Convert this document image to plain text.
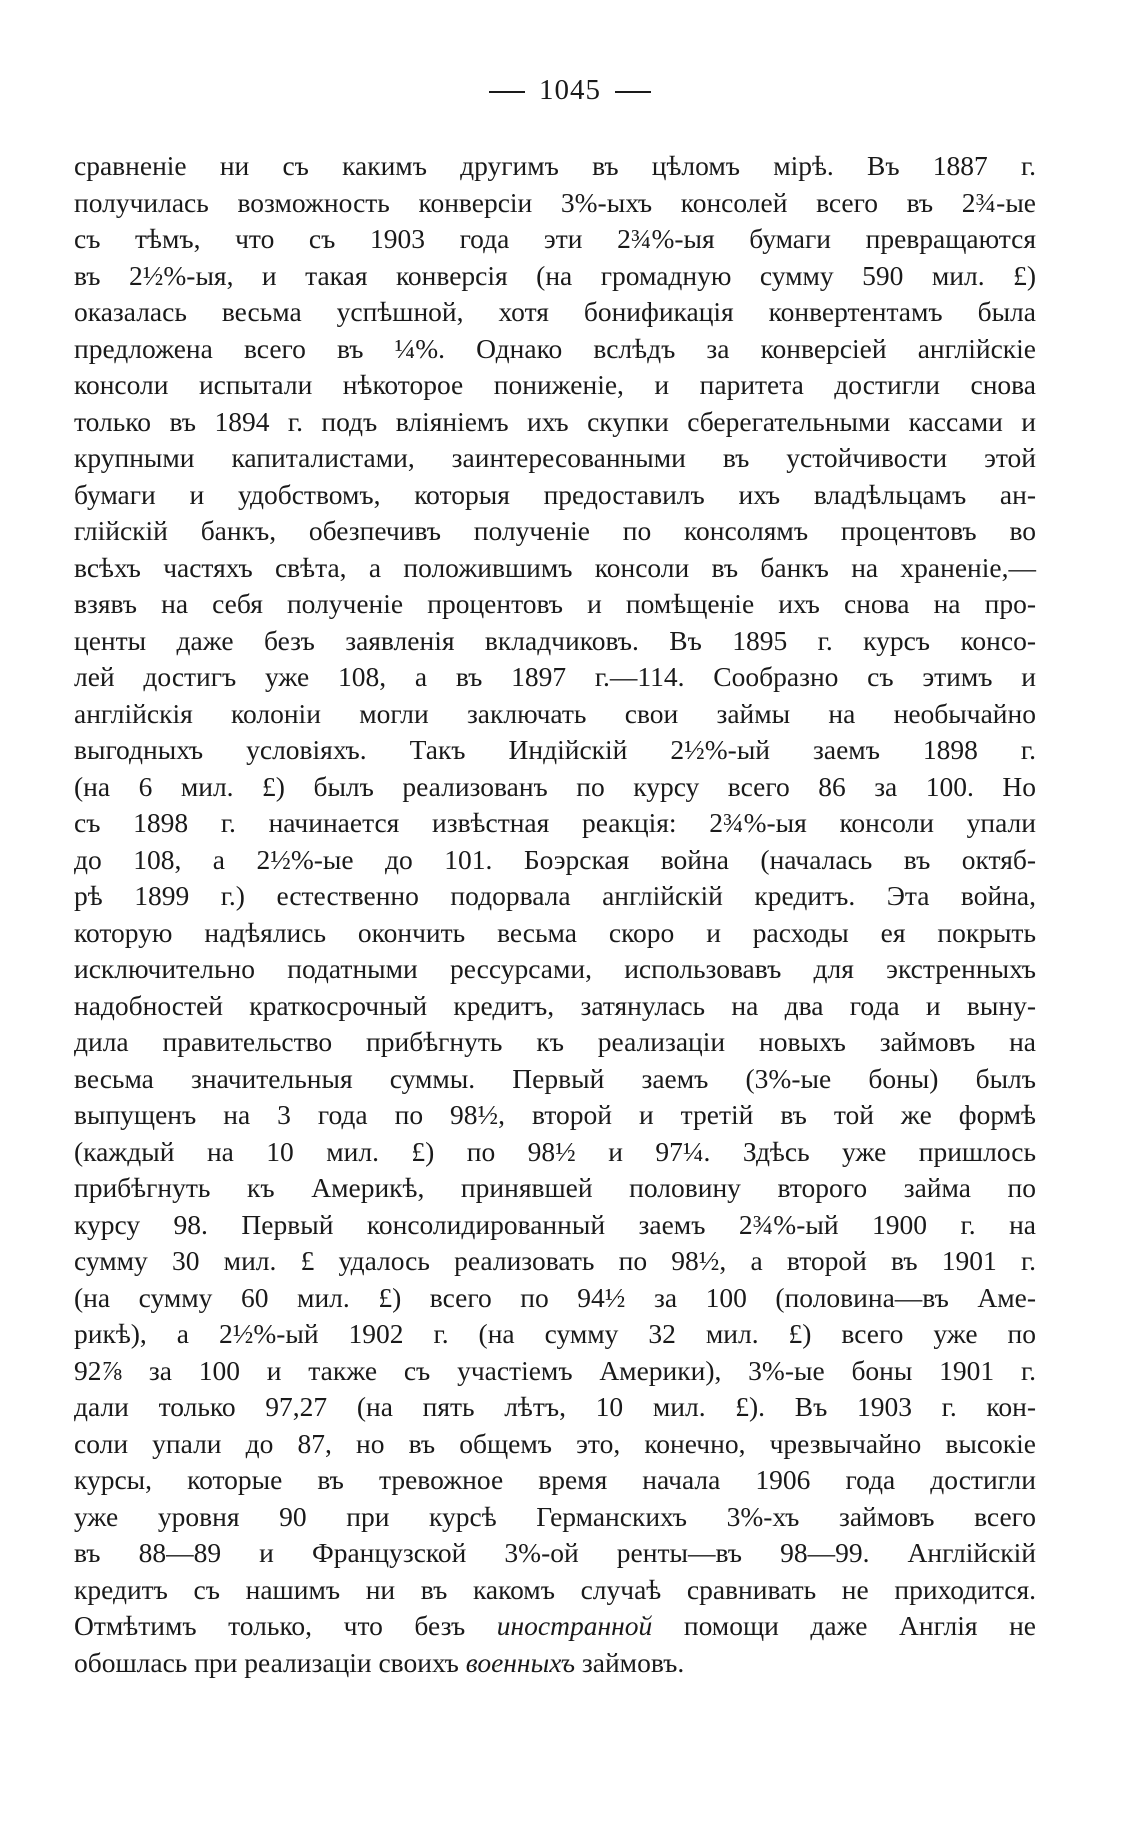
1045
сравненіе ни съ какимъ другимъ въ цѣломъ мірѣ. Въ 1887 г.
получилась возможность конверсіи 3%-ыхъ консолей всего въ 2¾-ые
съ тѣмъ, что съ 1903 года эти 2¾%-ыя бумаги превращаются
въ 2½%-ыя, и такая конверсія (на громадную сумму 590 мил. £)
оказалась весьма успѣшной, хотя бонификація конвертентамъ была
предложена всего въ ¼%. Однако вслѣдъ за конверсіей англійскіе
консоли испытали нѣкоторое пониженіе, и паритета достигли снова
только въ 1894 г. подъ вліяніемъ ихъ скупки сберегательными кассами и
крупными капиталистами, заинтересованными въ устойчивости этой
бумаги и удобствомъ, которыя предоставилъ ихъ владѣльцамъ ан-
глійскій банкъ, обезпечивъ полученіе по консолямъ процентовъ во
всѣхъ частяхъ свѣта, а положившимъ консоли въ банкъ на храненіе,—
взявъ на себя полученіе процентовъ и помѣщеніе ихъ снова на про-
центы даже безъ заявленія вкладчиковъ. Въ 1895 г. курсъ консо-
лей достигъ уже 108, а въ 1897 г.—114. Сообразно съ этимъ и
англійскія колоніи могли заключать свои займы на необычайно
выгодныхъ условіяхъ. Такъ Индійскій 2½%-ый заемъ 1898 г.
(на 6 мил. £) былъ реализованъ по курсу всего 86 за 100. Но
съ 1898 г. начинается извѣстная реакція: 2¾%-ыя консоли упали
до 108, а 2½%-ые до 101. Боэрская война (началась въ октяб-
рѣ 1899 г.) естественно подорвала англійскій кредитъ. Эта война,
которую надѣялись окончить весьма скоро и расходы ея покрыть
исключительно податными рессурсами, использовавъ для экстренныхъ
надобностей краткосрочный кредитъ, затянулась на два года и выну-
дила правительство прибѣгнуть къ реализаціи новыхъ займовъ на
весьма значительныя суммы. Первый заемъ (3%-ые боны) былъ
выпущенъ на 3 года по 98½, второй и третій въ той же формѣ
(каждый на 10 мил. £) по 98½ и 97¼. Здѣсь уже пришлось
прибѣгнуть къ Америкѣ, принявшей половину второго займа по
курсу 98. Первый консолидированный заемъ 2¾%-ый 1900 г. на
сумму 30 мил. £ удалось реализовать по 98½, а второй въ 1901 г.
(на сумму 60 мил. £) всего по 94½ за 100 (половина—въ Аме-
рикѣ), а 2½%-ый 1902 г. (на сумму 32 мил. £) всего уже по
92⅞ за 100 и также съ участіемъ Америки), 3%-ые боны 1901 г.
дали только 97,27 (на пять лѣтъ, 10 мил. £). Въ 1903 г. кон-
соли упали до 87, но въ общемъ это, конечно, чрезвычайно высокіе
курсы, которые въ тревожное время начала 1906 года достигли
уже уровня 90 при курсѣ Германскихъ 3%-хъ займовъ всего
въ 88—89 и Французской 3%-ой ренты—въ 98—99. Англійскій
кредитъ съ нашимъ ни въ какомъ случаѣ сравнивать не приходится.
Отмѣтимъ только, что безъ иностранной помощи даже Англія не
обошлась при реализаціи своихъ военныхъ займовъ.
